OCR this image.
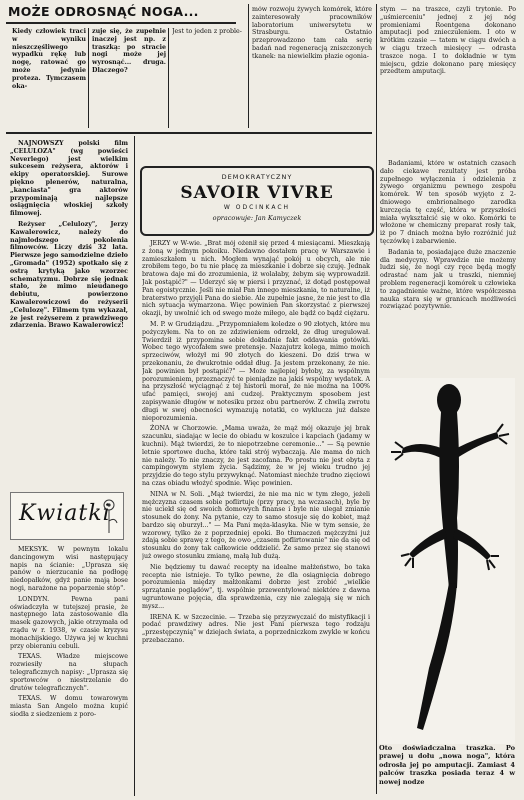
MOŻE ODROSNĄĆ NOGA...
Kiedy człowiek traci w wyniku nieszczęśliwego wypadku rękę lub nogę, ratować go może jedynie proteza. Tymczasem oka-
zuje się, że zupełnie inaczej jest np. z traszką: po stracie nogi może jej wyrosnąć... druga. Dlaczego?
Jest to jeden z proble-
mów rozwoju żywych komórek, które zainteresowały pracowników laboratorium uniwersytetu w Strasburgu. Ostatnio przeprowadzono tam cała serię badań nad regeneracją zniszczonych tkanek: na niewielkim płazie ogonia-
stym — na traszce, czyli trytonie. Po „uśmierceniu" jednej z jej nóg promieniami Roentgena dokonano amputacji pod znieczuleniem. I oto w krótkim czasie — tatem w ciągu dwóch a w ciągu trzech miesięcy — odrasta traszce noga. I to dokładnie w tym miejscu, gdzie dokonano parę miesięcy przedtem amputacji.

NAJNOWSZY polski film „CELULOZA" (wg powieści Neverlego) jest wielkim sukcesem reżysera, aktorów i ekipy operatorskiej. Surowe piękno plenerów, naturalna, „kanciasta" gra aktorów przypominają najlepsze osiągnięcia włoskiej szkoły filmowej.

Reżyser „Celulozy", Jerzy Kawalerowicz, należy do najmłodszego pokolenia filmowców. Liczy dziś 32 lata. Pierwsze jego samodzielne dzieło „Gromada" (1952) spotkało się z ostrą krytyką jako wzorzec schematyzmu. Dobrze się jednak stało, że mimo nieudanego debiutu, powierzono Kawalerowiczowi do reżyserii „Celulozę". Filmem tym wykazał, że jest reżyserem z prawdziwego zdarzenia. Brawo Kawalerowicz!

DEMOKRATYCZNY
SAVOIR VIVRE
W ODCINKACH
opracowuje: Jan Kamyczek

JERZY w W-wie. „Brat mój ożenił się przed 4 miesiącami. Mieszkają z żoną w jednym pokoiku. Niedawno dostałem pracę w Warszawie i zamieszkałem u nich. Mogłem wynająć pokój u obcych, ale nie zrobiłem tego, bo tu nie płacę za mieszkanie i dobrze się czuję. Jednak bratowa daje mi do zrozumienia, iż wolałaby, żebym się wyprowadził. Jak postąpić?" — Uderzyć się w piersi i przyznać, iż dotąd postępował Pan egoistycznie. Jeśli nie miał Pan innego mieszkania, to naturalne, iż braterstwo przyjęli Pana do siebie. Ale zupełnie jasne, że nie jest to dla nich sytuacja wymarzona. Więc powinien Pan skorzystać z pierwszej okazji, by uwolnić ich od swego może miłego, ale bądź co bądź ciężaru.

M. P. w Grudziądzu. „Przypomniałem koledze o 90 złotych, które mu pożyczyłem. Na to on ze zdziwieniem odrzekł, że dług uregulował. Twierdził iż przypomina sobie dokładnie fakt oddawania gotówki. Wobec tego wycofałem swe pretensje. Nazajutrz kolega, mimo moich sprzeciwów, włożył mi 90 złotych do kieszeni. Do dziś trwa w przekonaniu, że dwukrotnie oddał dług. Ja jestem przekonany, że nie. Jak powinien był postąpić?" — Może najlepiej byłoby, za wspólnym porozumieniem, przeznaczyć te pieniądze na jakiś wspólny wydatek. A na przyszłość wyciągnąć z tej historii morał, że nie można na 100% ufać pamięci, swojej ani cudzej. Praktycznym sposobem jest zapisywanie długów w notesiku przez obu partnerów. Z chwilą zwrotu długi w swej obecności wymazują notatki, co wyklucza już dalsze nieporozumienia.

ŻONA w Chorzowie. „Mama uważa, że mąż mój okazuje jej brak szacunku, siadając w lecie do obiadu w koszulce i kapciach (jadamy w kuchni). Mąż twierdzi, że to niepotrzebne ceremonie..." — Są pewnie letnie sportowe ducha, które taki strój wybaczają. Ale mama do nich nie należy. To nie znaczy, że jest zacofana. Po prostu nie jest obyta z campingowym stylem życia. Sądzimy, że w jej wieku trudno jej przyjdzie do tego stylu przywyknąć. Natomiast niechże trudno zięciowi na czas obiadu włożyć spodnie. Więc powinien.

NINA w N. Soli. „Mąż twierdzi, że nie ma nic w tym złego, jeżeli mężczyzna czasem sobie poflirtuje (przy pracy, na wczasach), byle by nie uciekł się od swoich domowych finanse i byle nie ulegał zmianie stosunek do żony. Na pytanie, czy to samo stosuje się do kobiet, mąż bardzo się oburzył..." — Ma Pani męża-klasyka. Nie w tym sensie, że wzorowy, tylko że z poprzedniej epoki. Bo tłumaczeń mężczyźni już zdają sobie sprawę z tego, że owo „czasem poflirtowanie" nie da się od stosunku do żony tak całkowicie oddzielić. Że samo przez się stanowi już owego stosunku zmianę, małą lub dużą.

Nie będziemy tu dawać recepty na idealne małżeństwo, bo taka recepta nie istnieje. To tylko pewne, że dla osiągnięcia dobrego porozumienia między małżonkami dobrze jest zrobić „wielkie sprzątanie poglądów", tj. wspólnie przewentylować niektóre z dawna ugruntowane pojęcia, dla sprawdzenia, czy nie zalegają się w nich mysz...

IRENA K. w Szczecinie. — Trzeba się przyzwyczaić do mistyfikacji i podać prawdziwy adres. Nie jest Pani pierwsza tego rodzaju „przestępczynią" w dziejach świata, a poprzedniczkom zwykle w końcu przebaczano.

Kwiatki

MEKSYK. W pewnym lokalu dancingowym wisi następujący napis na ścianie: „Uprasza się panów o nierzucanie na podłogę niedopałków, gdyż panie mają bose nogi, narażone na poparzenie stóp".

LONDYN. Pewna pani oświadczyła w tutejszej prasie, że następnego lata zastosowanie dla masek gazowych, jakie otrzymała od rządu w r. 1938, w czasie kryzysu monachijskiego. Używa jej w kuchni przy obieraniu cebuli.

TEXAS. Władze miejscowe rozwiesiły na słupach telegraficznych napisy: „Uprasza się sportowców o niestrzelanie do drutów telegraficznych".

TEXAS. W domu towarowym miasta San Angelo można kupić siodła z siedzeniem z poro-

Badaniami, które w ostatnich czasach dało ciekawe rezultaty jest próba zupełnego wyłączenia i odzielenia z żywego organizmu pewnego zespołu komórek. W ten sposób wyjęto z 2-dniowego embrionalnego zarodka kurczęcia tę część, która w przyszłości miała wykształcić się w oko. Komórki te włożone w chemiczny preparat rosły tak, iż po 7 dniach można było rozróżnić już tęczówkę i zabarwienie.

Badania te, posiadające duże znaczenie dla medycyny. Wprawdzie nie możemy ludzi się, że nogi czy ręce będą mogły odrastać nam jak u traszki, niemniej problem regeneracji komórek u człowieka to zagadnienie ważne, które współczesna nauka stara się w granicach możliwości rozwiązać pozytywnie.

Oto doświadczalna traszka. Po prawej u dołu „nowa noga", która odrosła jej po amputacji. Zamiast 4 palców traszka posiada teraz 4 w nowej nodze
